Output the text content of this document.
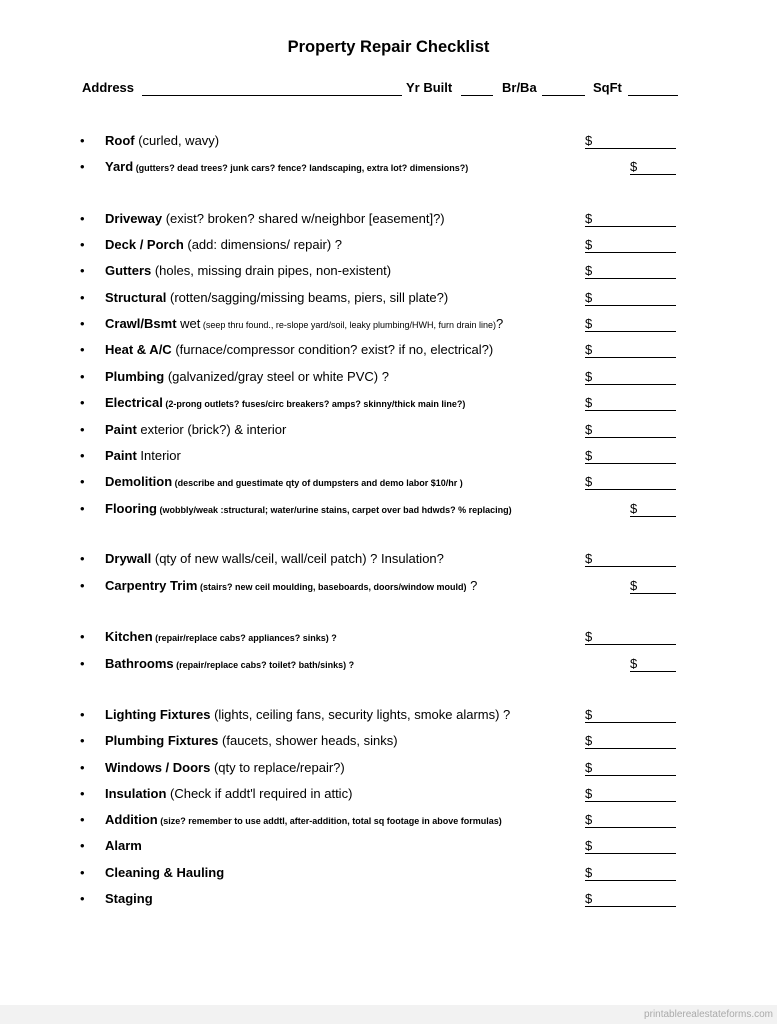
Property Repair Checklist
Address	Yr Built	Br/Ba	SqFt
• Roof (curled, wavy)	$
• Yard (gutters? dead trees? junk cars? fence? landscaping, extra lot? dimensions?)	$
• Driveway (exist? broken? shared w/neighbor [easement]?)	$
• Deck / Porch (add: dimensions/ repair) ?	$
• Gutters (holes, missing drain pipes, non-existent)	$
• Structural (rotten/sagging/missing beams, piers, sill plate?)	$
• Crawl/Bsmt wet (seep thru found., re-slope yard/soil, leaky plumbing/HWH, furn drain line)?	$
• Heat & A/C (furnace/compressor condition? exist? if no, electrical?)	$
• Plumbing (galvanized/gray steel or white PVC) ?	$
• Electrical (2-prong outlets? fuses/circ breakers? amps? skinny/thick main line?)	$
• Paint exterior (brick?) & interior	$
• Paint Interior	$
• Demolition (describe and guestimate qty of dumpsters and demo labor $10/hr )	$
• Flooring (wobbly/weak :structural; water/urine stains, carpet over bad hdwds? % replacing)	$
• Drywall (qty of new walls/ceil, wall/ceil patch) ? Insulation?	$
• Carpentry Trim (stairs? new ceil moulding, baseboards, doors/window mould) ?	$
• Kitchen (repair/replace cabs? appliances? sinks) ?	$
• Bathrooms (repair/replace cabs? toilet? bath/sinks) ?	$
• Lighting Fixtures (lights, ceiling fans, security lights, smoke alarms) ?	$
• Plumbing Fixtures (faucets, shower heads, sinks)	$
• Windows / Doors (qty to replace/repair?)	$
• Insulation (Check if addt'l required in attic)	$
• Addition (size? remember to use addtl, after-addition, total sq footage in above formulas)	$
• Alarm	$
• Cleaning & Hauling	$
• Staging	$
printablerealestateforms.com
